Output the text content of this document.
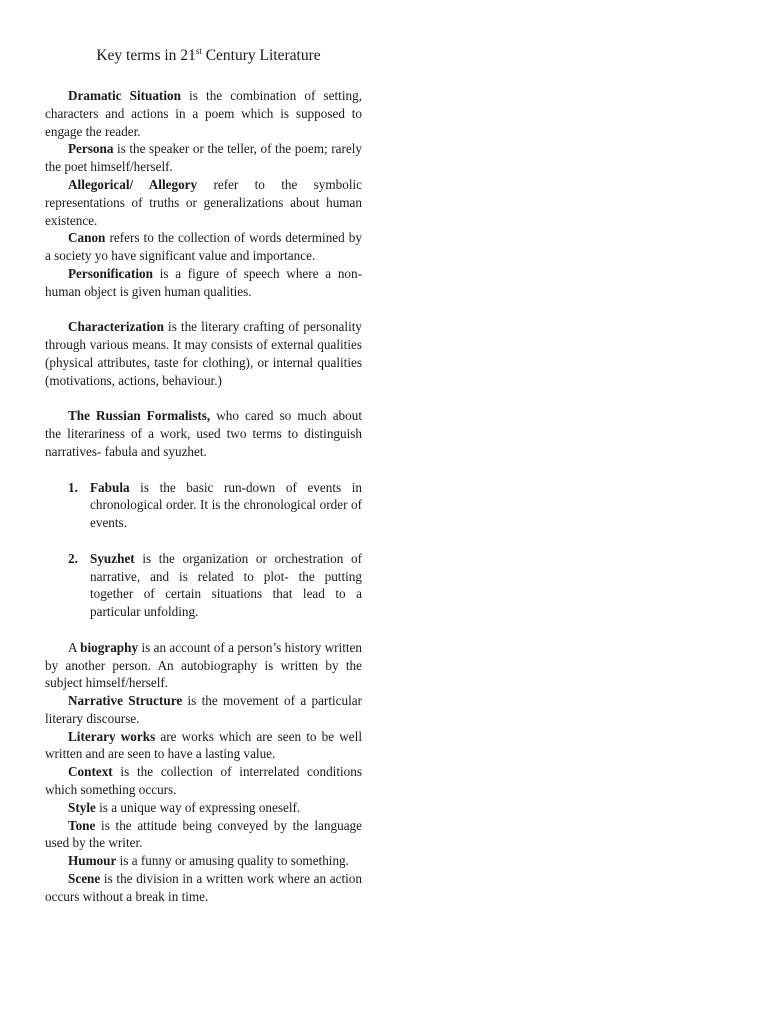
Key terms in 21st Century Literature

Dramatic Situation is the combination of setting, characters and actions in a poem which is supposed to engage the reader.

Persona is the speaker or the teller, of the poem; rarely the poet himself/herself.

Allegorical/ Allegory refer to the symbolic representations of truths or generalizations about human existence.

Canon refers to the collection of words determined by a society yo have significant value and importance.

Personification is a figure of speech where a non-human object is given human qualities.

Characterization is the literary crafting of personality through various means. It may consists of external qualities (physical attributes, taste for clothing), or internal qualities (motivations, actions, behaviour.)

The Russian Formalists, who cared so much about the literariness of a work, used two terms to distinguish narratives- fabula and syuzhet.

1. Fabula is the basic run-down of events in chronological order. It is the chronological order of events.
2. Syuzhet is the organization or orchestration of narrative, and is related to plot- the putting together of certain situations that lead to a particular unfolding.

A biography is an account of a person’s history written by another person. An autobiography is written by the subject himself/herself.

Narrative Structure is the movement of a particular literary discourse.

Literary works are works which are seen to be well written and are seen to have a lasting value.

Context is the collection of interrelated conditions which something occurs.

Style is a unique way of expressing oneself.

Tone is the attitude being conveyed by the language used by the writer.

Humour is a funny or amusing quality to something.

Scene is the division in a written work where an action occurs without a break in time.
